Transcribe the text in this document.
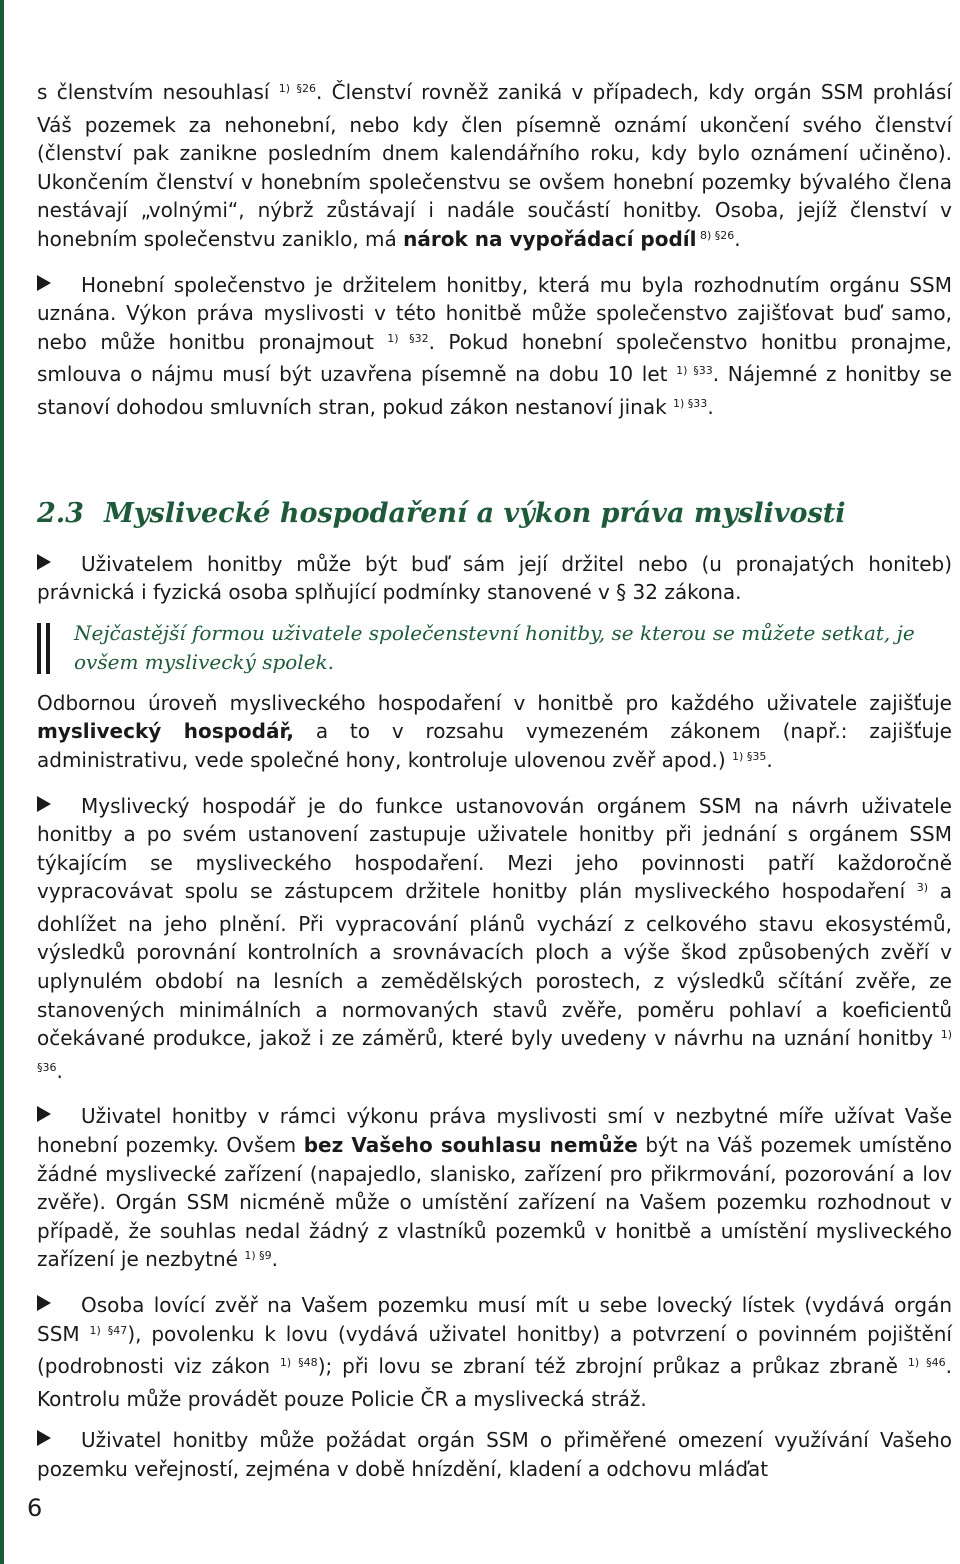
s členstvím nesouhlasí $^{1) \S 26}$. Členství rovněž zaniká v případech, kdy orgán SSM prohlásí Váš pozemek za nehonební, nebo kdy člen písemně oznámí ukončení svého členství (členství pak zanikne posledním dnem kalendářního roku, kdy bylo oznámení učiněno). Ukončením členství v honebním společenstvu se ovšem honební pozemky bývalého člena nestávají „volnými“, nýbrž zůstávají i nadále součástí honitby. Osoba, jejíž členství v honebním společenstvu zaniklo, má nárok na vypořádací podíl $^{8) \S 26}$.

Honební společenstvo je držitelem honitby, která mu byla rozhodnutím orgánu SSM uznána. Výkon práva myslivosti v této honitbě může společenstvo zajišťovat buď samo, nebo může honitbu pronajmout $^{1) \S 32}$. Pokud honební společenstvo honitbu pronajme, smlouva o nájmu musí být uzavřena písemně na dobu 10 let $^{1) \S 33}$. Nájemné z honitby se stanoví dohodou smluvních stran, pokud zákon nestanoví jinak $^{1) \S 33}$.

2.3 Myslivecké hospodaření a výkon práva myslivosti

Uživatelem honitby může být buď sám její držitel nebo (u pronajatých honiteb) právnická i fyzická osoba splňující podmínky stanovené v § 32 zákona.

Nejčastější formou uživatele společenstevní honitby, se kterou se můžete setkat, je ovšem myslivecký spolek.

Odbornou úroveň mysliveckého hospodaření v honitbě pro každého uživatele zajišťuje myslivecký hospodář, a to v rozsahu vymezeném zákonem (např.: zajišťuje administrativu, vede společné hony, kontroluje ulovenou zvěř apod.) $^{1) \S 35}$.

Myslivecký hospodář je do funkce ustanovován orgánem SSM na návrh uživatele honitby a po svém ustanovení zastupuje uživatele honitby při jednání s orgánem SSM týkajícím se mysliveckého hospodaření. Mezi jeho povinnosti patří každoročně vypracovávat spolu se zástupcem držitele honitby plán mysliveckého hospodaření $^{3)}$ a dohlížet na jeho plnění. Při vypracování plánů vychází z celkového stavu ekosystémů, výsledků porovnání kontrolních a srovnávacích ploch a výše škod způsobených zvěří v uplynulém období na lesních a zemědělských porostech, z výsledků sčítání zvěře, ze stanovených minimálních a normovaných stavů zvěře, poměru pohlaví a koeficientů očekávané produkce, jakož i ze záměrů, které byly uvedeny v návrhu na uznání honitby $^{1) \S 36}$.

Uživatel honitby v rámci výkonu práva myslivosti smí v nezbytné míře užívat Vaše honební pozemky. Ovšem bez Vašeho souhlasu nemůže být na Váš pozemek umístěno žádné myslivecké zařízení (napajedlo, slanisko, zařízení pro přikrmování, pozorování a lov zvěře). Orgán SSM nicméně může o umístění zařízení na Vašem pozemku rozhodnout v případě, že souhlas nedal žádný z vlastníků pozemků v honitbě a umístění mysliveckého zařízení je nezbytné $^{1) \S 9}$.

Osoba lovící zvěř na Vašem pozemku musí mít u sebe lovecký lístek (vydává orgán SSM $^{1) \S 47}$), povolenku k lovu (vydává uživatel honitby) a potvrzení o povinném pojištění (podrobnosti viz zákon $^{1) \S 48}$); při lovu se zbraní též zbrojní průkaz a průkaz zbraně $^{1) \S 46}$. Kontrolu může provádět pouze Policie ČR a myslivecká stráž.

Uživatel honitby může požádat orgán SSM o přiměřené omezení využívání Vašeho pozemku veřejností, zejména v době hnízdění, kladení a odchovu mláďat

6
